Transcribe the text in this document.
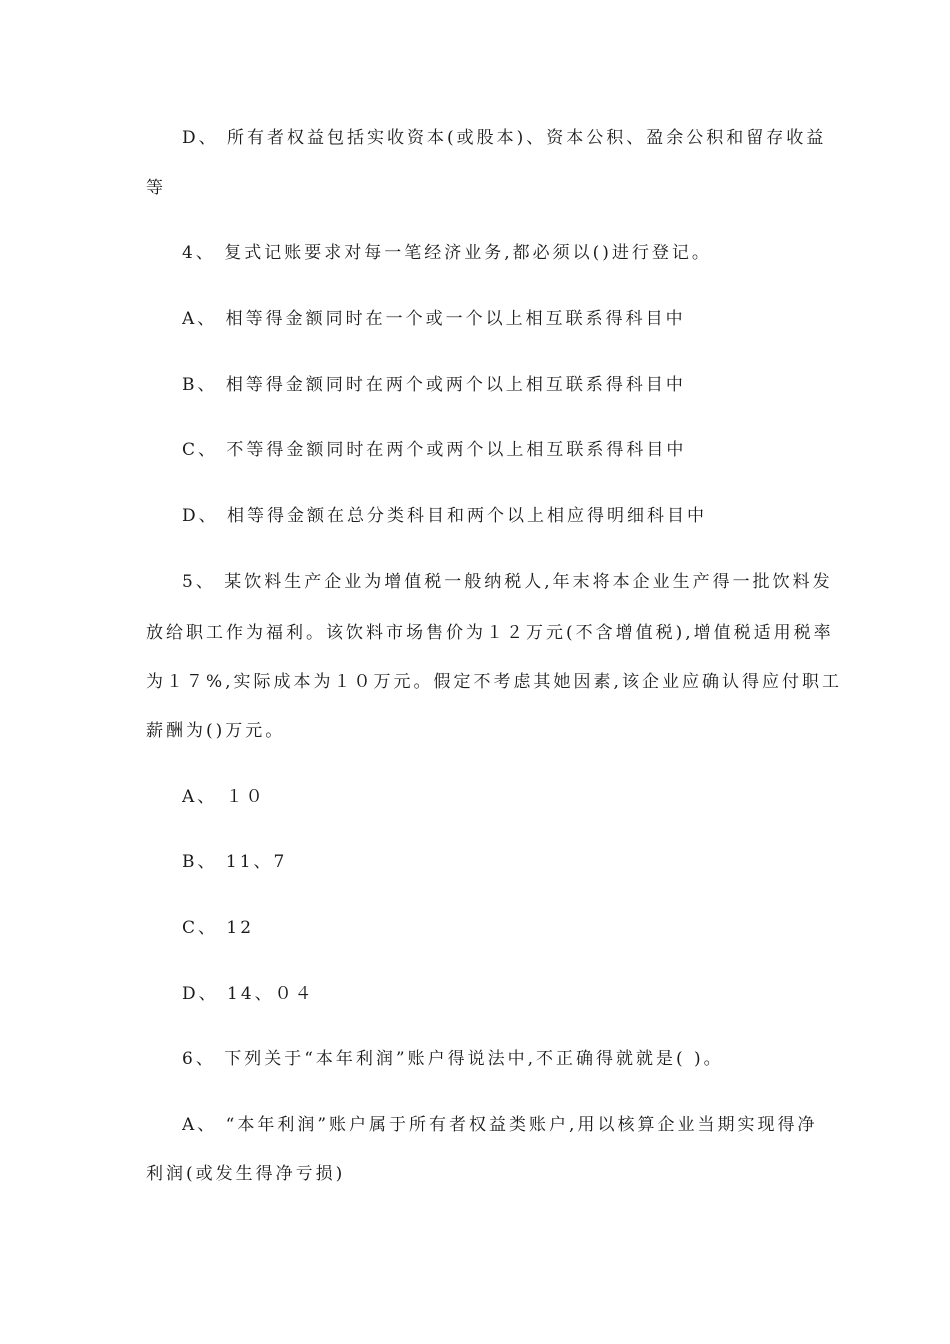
D、 所有者权益包括实收资本(或股本)、资本公积、盈余公积和留存收益
等
4、 复式记账要求对每一笔经济业务,都必须以()进行登记。
A、 相等得金额同时在一个或一个以上相互联系得科目中
B、 相等得金额同时在两个或两个以上相互联系得科目中
C、 不等得金额同时在两个或两个以上相互联系得科目中
D、 相等得金额在总分类科目和两个以上相应得明细科目中
5、 某饮料生产企业为增值税一般纳税人,年末将本企业生产得一批饮料发
放给职工作为福利。该饮料市场售价为１２万元(不含增值税),增值税适用税率
为１７%,实际成本为１０万元。假定不考虑其她因素,该企业应确认得应付职工
薪酬为()万元。
A、 １０
B、 11、7
C、 12
D、 14、０４
6、 下列关于“本年利润”账户得说法中,不正确得就就是( )。
A、 “本年利润”账户属于所有者权益类账户,用以核算企业当期实现得净
利润(或发生得净亏损)
